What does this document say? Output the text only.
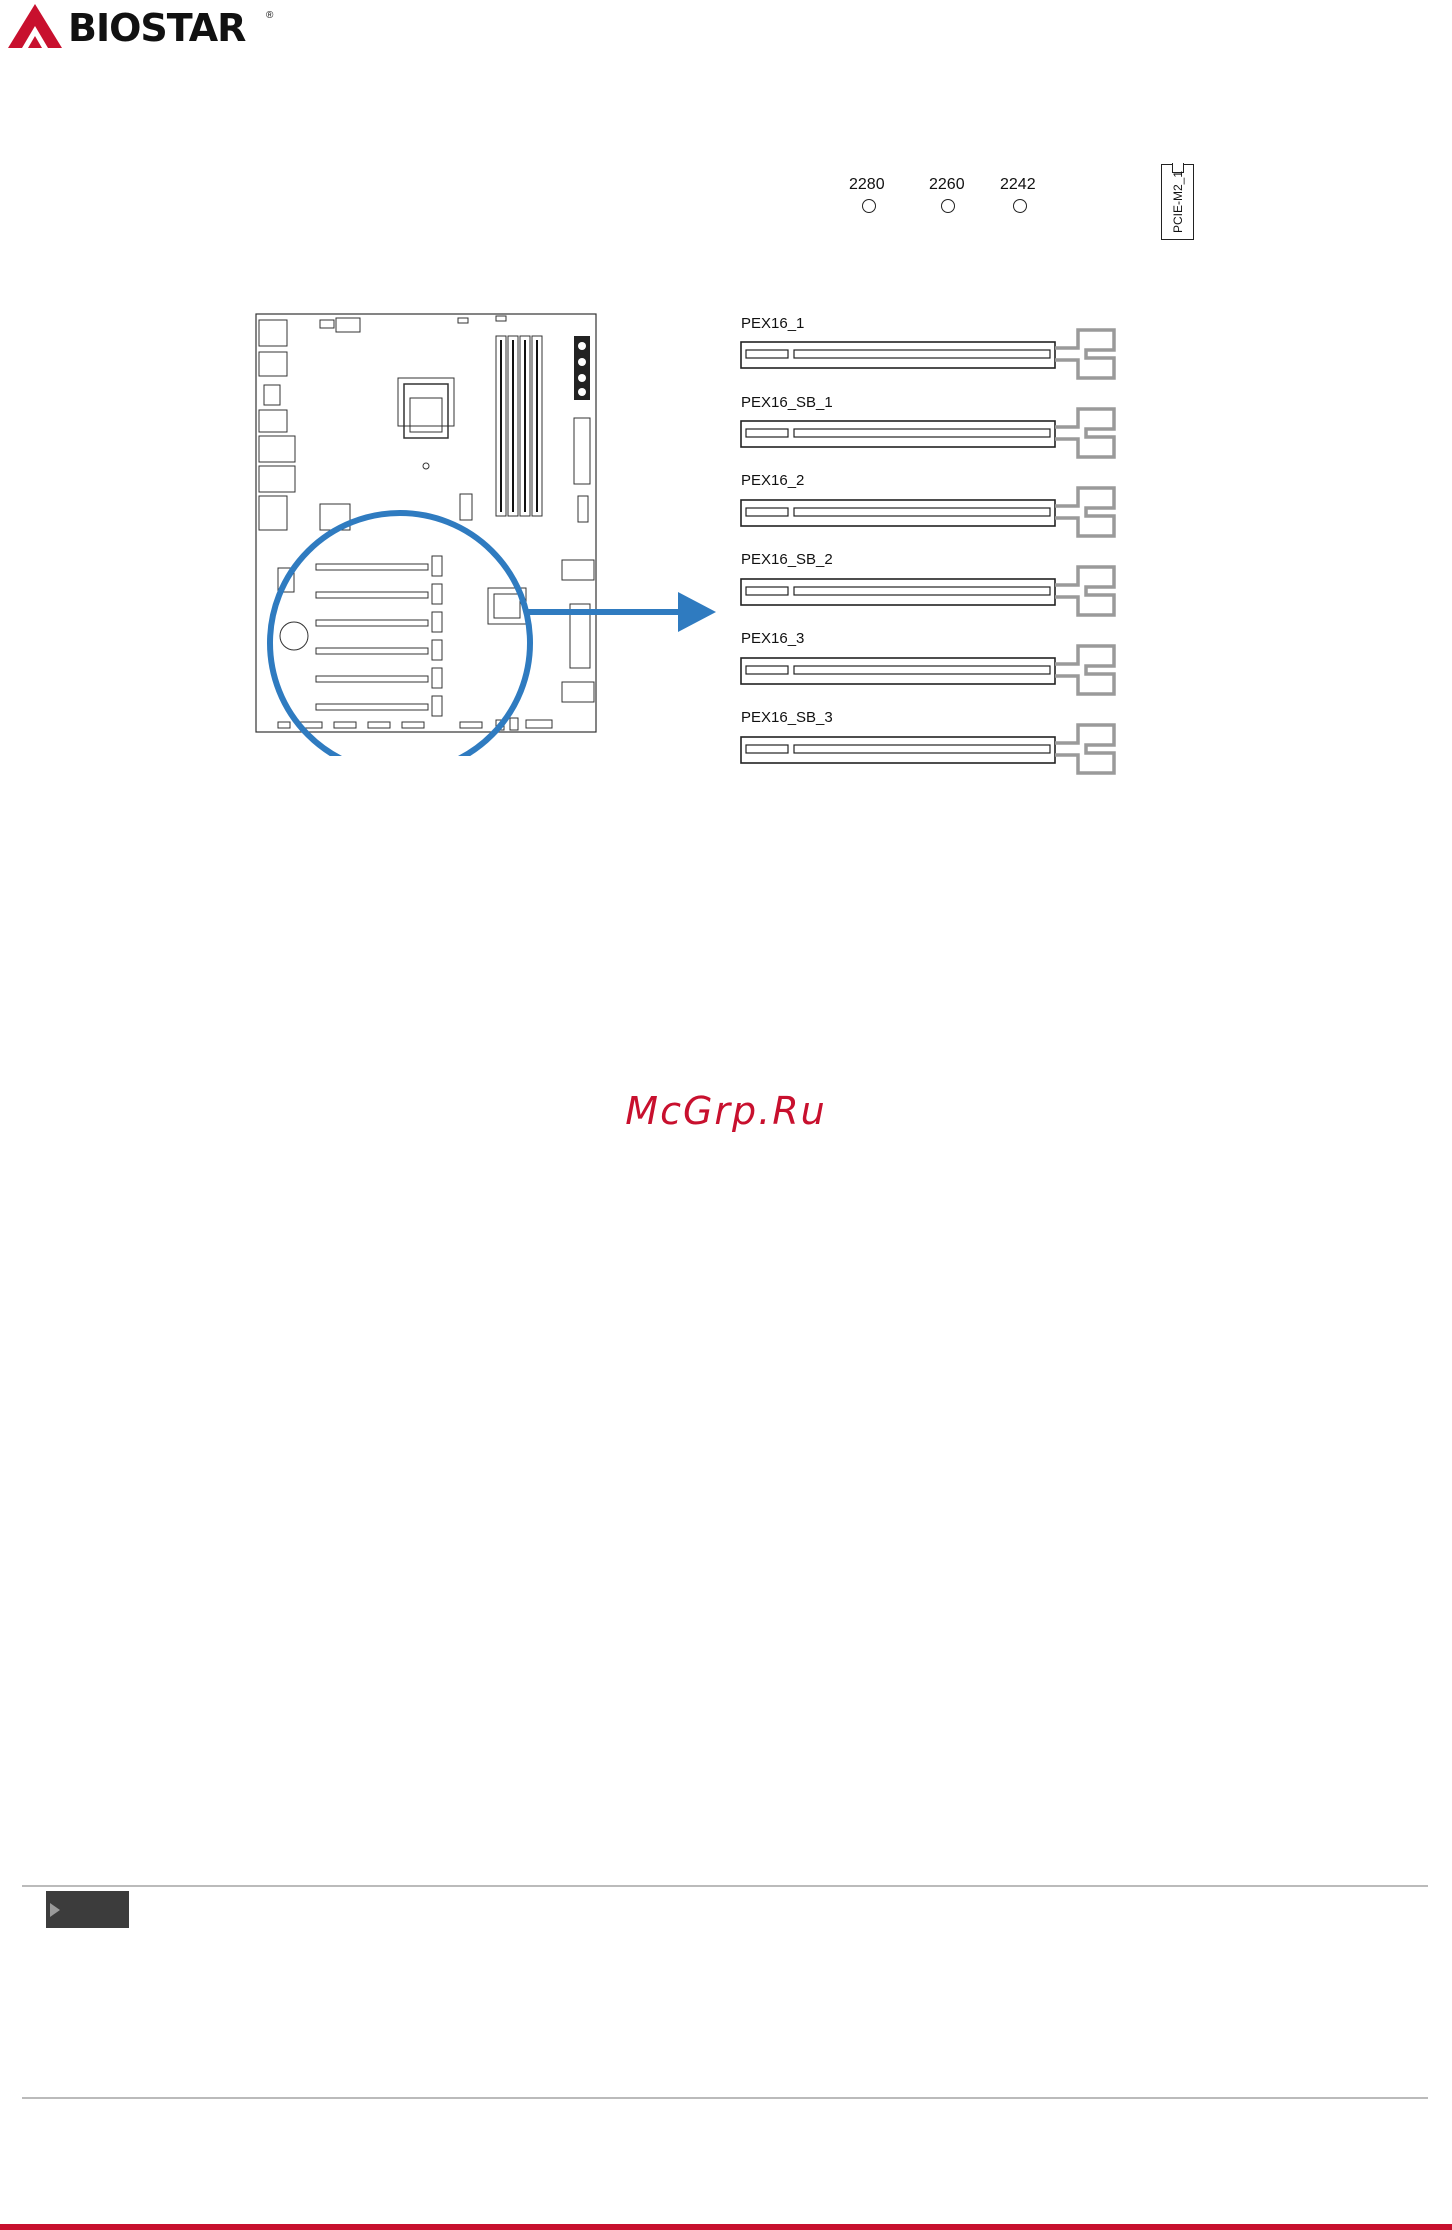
BIOSTAR ®
2280	2260 2242	PCIE-M2_1
PEX16_1
PEX16_SB_1
PEX16_2
PEX16_SB_2
PEX16_3
PEX16_SB_3
McGrp.Ru
